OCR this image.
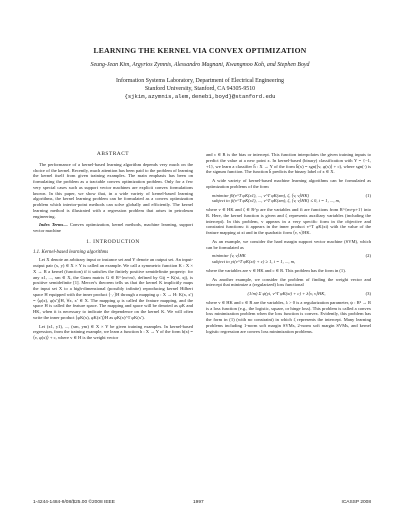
LEARNING THE KERNEL VIA CONVEX OPTIMIZATION
Seung-Jean Kim, Argyrios Zymnis, Alessandro Magnani, Kwangmoo Koh, and Stephen Boyd
Information Systems Laboratory, Department of Electrical Engineering
Stanford University, Stanford, CA 94305-9510
{sjkim,azymnis,alem,deneb1,boyd}@stanford.edu
ABSTRACT

The performance of a kernel-based learning algorithm depends very much on the choice of the kernel. Recently, much attention has been paid to the problem of learning the kernel itself from given training examples. The main emphasis has been on formulating the problem as a tractable convex optimization problem. Only for a few very special cases such as support vector machines are explicit convex formulations known. In this paper, we show that, in a wide variety of kernel-based learning algorithms, the kernel learning problem can be formulated as a convex optimization problem which interior-point methods can solve globally and efficiently. The kernel learning method is illustrated with a regression problem that arises in petroleum engineering.

Index Terms— Convex optimization, kernel methods, machine learning, support vector machine

1. INTRODUCTION
1.1. Kernel-based learning algorithms

Let X denote an arbitrary input or instance set and Y denote an output set. An input-output pair (x, y) ∈ X × Y is called an example. We call a symmetric function K : X × X → R a kernel (function) if it satisfies the finitely positive semidefinite property: for any x1, ..., xm ∈ X, the Gram matrix G ∈ R^{m×m}, defined by Gij = K(xi, xj), is positive semidefinite [1]. Mercer's theorem tells us that the kernel K implicitly maps the input set X to a high-dimensional (possibly infinite) reproducing kernel Hilbert space H equipped with the inner product ⟨·,·⟩H through a mapping φ : X → H: K(x, x′) = ⟨φ(x), φ(x′)⟩H, ∀x, x′ ∈ X. The mapping φ is called the feature mapping, and the space H is called the feature space. The mapping and space will be denoted as φK and HK, when it is necessary to indicate the dependence on the kernel K. We will often write the inner product ⟨φK(x), φK(x′)⟩H as φK(x)^T φK(x′).

Let (x1, y1), ..., (xm, ym) ∈ X × Y be given training examples. In kernel-based regression, from the training example, we learn a function h : X → Y of the form h(x) = ⟨v, φ(x)⟩ + c, where v ∈ H is the weight vector

and c ∈ R is the bias or intercept. This function interpolates the given training inputs to predict the value at a new point x. In kernel-based (binary) classification with Y = {−1, +1}, we learn a classifier ĥ : X → Y of the form ĥ(x) = sgn(⟨v, φ(x)⟩ + c), where sgn(·) is the signum function. The function ĥ predicts the binary label of x ∈ X.

A wide variety of kernel-based machine learning algorithms can be formulated as optimization problems of the form

minimize f0(v^T φK(x1), ..., v^T φK(xm), ζ, ⟨v, v⟩HK)
subject to fi(v^T φK(x1), ..., v^T φK(xm), ζ, ⟨v, v⟩HK) ≤ 0, i = 1, ..., m,
(1)

where v ∈ HK and ζ ∈ R^p are the variables and fi are functions from R^{m+p+1} into R. Here, the kernel function is given and ζ represents auxiliary variables (including the intercept). In this problem, v appears in a very specific form in the objective and constraint functions: it appears in the inner product v^T φK(xi) with the value of the feature mapping at xi and in the quadratic form ⟨v, v⟩HK.

As an example, we consider the hard margin support vector machine (SVM), which can be formulated as

minimize ⟨v, v⟩HK
subject to yi(v^T φK(xi) + c) ≥ 1, i = 1, ..., m,
(2)

where the variables are v ∈ HK and c ∈ R. This problem has the form in (1).

As another example, we consider the problem of finding the weight vector and intercept that minimize a (regularized) loss functional

(1/m) Σ ψ(yi, v^T φK(xi) + c) + λ⟨v, v⟩HK,	(3)

where v ∈ HK and c ∈ R are the variables, λ > 0 is a regularization parameter, ψ : R² → R is a loss function (e.g., the logistic, square, or hinge loss). This problem is called a convex loss minimization problem when the loss function is convex. Evidently, this problem has the form in (1) (with no constraint) in which ζ represents the intercept. Many learning problems including 1-norm soft margin SVMs, 2-norm soft margin SVMs, and kernel logistic regression are convex loss minimization problems.

1-4244-1484-9/08/$25.00 ©2008 IEEE	1997	ICASSP 2008
